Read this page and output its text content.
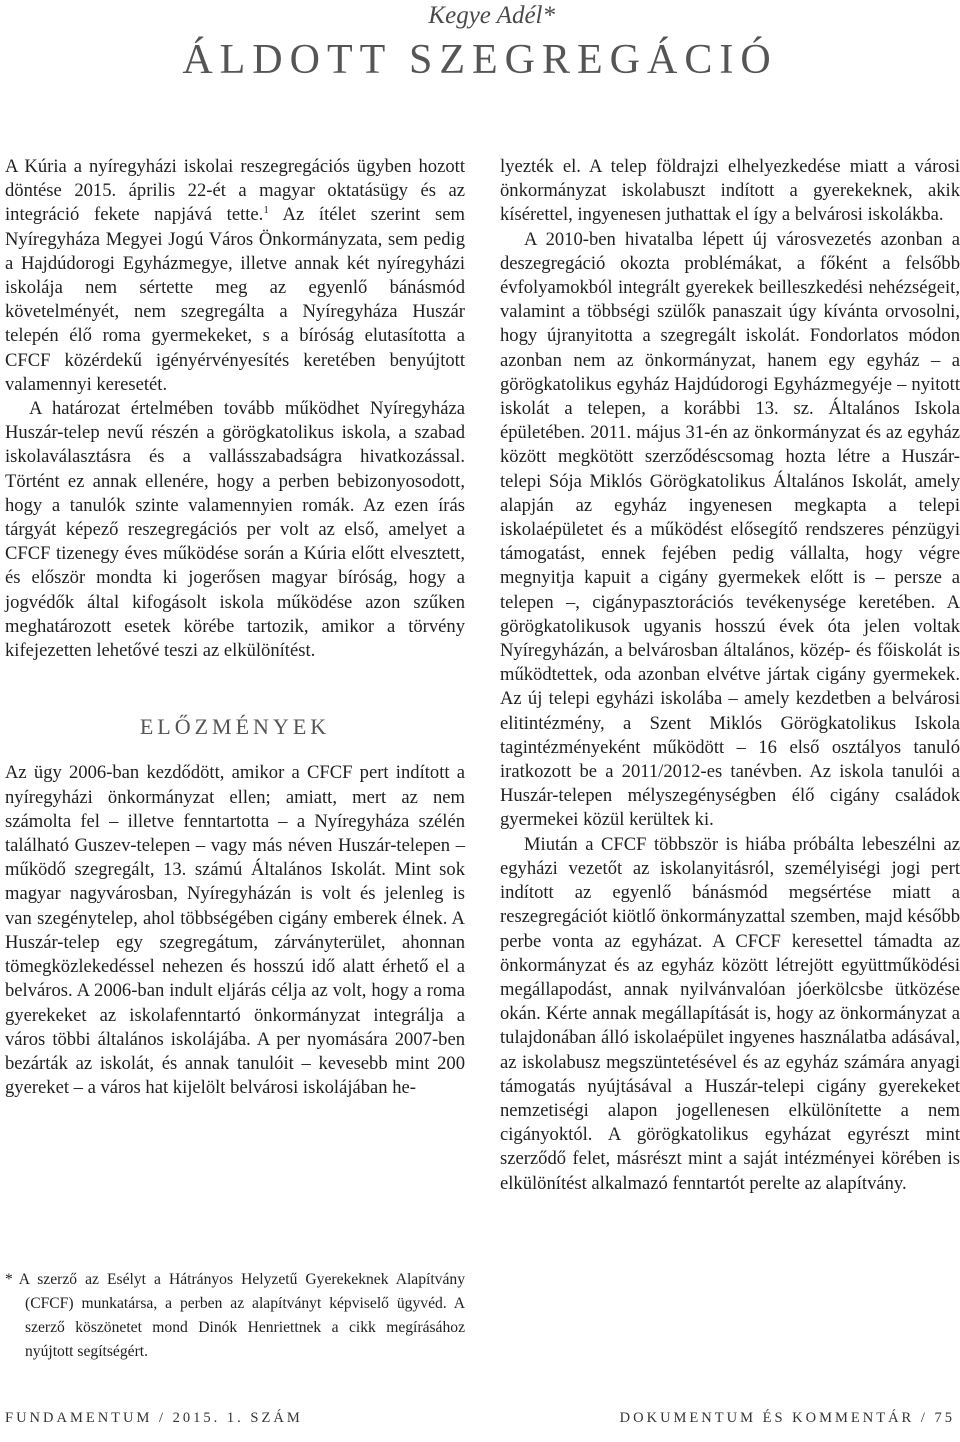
Kegye Adél*

ÁLDOTT SZEGREGÁCIÓ

A Kúria a nyíregyházi iskolai reszegregációs ügyben hozott döntése 2015. április 22-ét a magyar oktatásügy és az integráció fekete napjává tette.$^1$ Az ítélet szerint sem Nyíregyháza Megyei Jogú Város Önkormányzata, sem pedig a Hajdúdorogi Egyházmegye, illetve annak két nyíregyházi iskolája nem sértette meg az egyenlő bánásmód követelményét, nem szegregálta a Nyíregyháza Huszár telepén élő roma gyermekeket, s a bíróság elutasította a CFCF közérdekű igényérvényesítés keretében benyújtott valamennyi keresetét.

A határozat értelmében tovább működhet Nyíregyháza Huszár-telep nevű részén a görögkatolikus iskola, a szabad iskolaválasztásra és a vallásszabadságra hivatkozással. Történt ez annak ellenére, hogy a perben bebizonyosodott, hogy a tanulók szinte valamennyien romák. Az ezen írás tárgyát képező reszegregációs per volt az első, amelyet a CFCF tizenegy éves működése során a Kúria előtt elvesztett, és először mondta ki jogerősen magyar bíróság, hogy a jogvédők által kifogásolt iskola működése azon szűken meghatározott esetek körébe tartozik, amikor a törvény kifejezetten lehetővé teszi az elkülönítést.

ELŐZMÉNYEK

Az ügy 2006-ban kezdődött, amikor a CFCF pert indított a nyíregyházi önkormányzat ellen; amiatt, mert az nem számolta fel – illetve fenntartotta – a Nyíregyháza szélén található Guszev-telepen – vagy más néven Huszár-telepen – működő szegregált, 13. számú Általános Iskolát. Mint sok magyar nagyvárosban, Nyíregyházán is volt és jelenleg is van szegénytelep, ahol többségében cigány emberek élnek. A Huszár-telep egy szegregátum, zárványterület, ahonnan tömegközlekedéssel nehezen és hosszú idő alatt érhető el a belváros. A 2006-ban indult eljárás célja az volt, hogy a roma gyerekeket az iskolafenntartó önkormányzat integrálja a város többi általános iskolájába. A per nyomására 2007-ben bezárták az iskolát, és annak tanulóit – kevesebb mint 200 gyereket – a város hat kijelölt belvárosi iskolájában he-

* A szerző az Esélyt a Hátrányos Helyzetű Gyerekeknek Alapítvány (CFCF) munkatársa, a perben az alapítványt képviselő ügyvéd. A szerző köszönetet mond Dinók Henriettnek a cikk megírásához nyújtott segítségért.

lyezték el. A telep földrajzi elhelyezkedése miatt a városi önkormányzat iskolabuszt indított a gyerekeknek, akik kísérettel, ingyenesen juthattak el így a belvárosi iskolákba.

A 2010-ben hivatalba lépett új városvezetés azonban a deszegregáció okozta problémákat, a főként a felsőbb évfolyamokból integrált gyerekek beilleszkedési nehézségeit, valamint a többségi szülők panaszait úgy kívánta orvosolni, hogy újranyitotta a szegregált iskolát. Fondorlatos módon azonban nem az önkormányzat, hanem egy egyház – a görögkatolikus egyház Hajdúdorogi Egyházmegyéje – nyitott iskolát a telepen, a korábbi 13. sz. Általános Iskola épületében. 2011. május 31-én az önkormányzat és az egyház között megkötött szerződéscsomag hozta létre a Huszár-telepi Sója Miklós Görögkatolikus Általános Iskolát, amely alapján az egyház ingyenesen megkapta a telepi iskolaépületet és a működést elősegítő rendszeres pénzügyi támogatást, ennek fejében pedig vállalta, hogy végre megnyitja kapuit a cigány gyermekek előtt is – persze a telepen –, cigánypasztorációs tevékenysége keretében. A görögkatolikusok ugyanis hosszú évek óta jelen voltak Nyíregyházán, a belvárosban általános, közép- és főiskolát is működtettek, oda azonban elvétve jártak cigány gyermekek. Az új telepi egyházi iskolába – amely kezdetben a belvárosi elitintézmény, a Szent Miklós Görögkatolikus Iskola tagintézményeként működött – 16 első osztályos tanuló iratkozott be a 2011/2012-es tanévben. Az iskola tanulói a Huszár-telepen mélyszegénységben élő cigány családok gyermekei közül kerültek ki.

Miután a CFCF többször is hiába próbálta lebeszélni az egyházi vezetőt az iskolanyitásról, személyiségi jogi pert indított az egyenlő bánásmód megsértése miatt a reszegregációt kiötlő önkormányzattal szemben, majd később perbe vonta az egyházat. A CFCF keresettel támadta az önkormányzat és az egyház között létrejött együttműködési megállapodást, annak nyilvánvalóan jóerkölcsbe ütközése okán. Kérte annak megállapítását is, hogy az önkormányzat a tulajdonában álló iskolaépület ingyenes használatba adásával, az iskolabusz megszüntetésével és az egyház számára anyagi támogatás nyújtásával a Huszár-telepi cigány gyerekeket nemzetiségi alapon jogellenesen elkülönítette a nem cigányoktól. A görögkatolikus egyházat egyrészt mint szerződő felet, másrészt mint a saját intézményei körében is elkülönítést alkalmazó fenntartót perelte az alapítvány.

FUNDAMENTUM / 2015. 1. SZÁM	DOKUMENTUM ÉS KOMMENTÁR / 75
